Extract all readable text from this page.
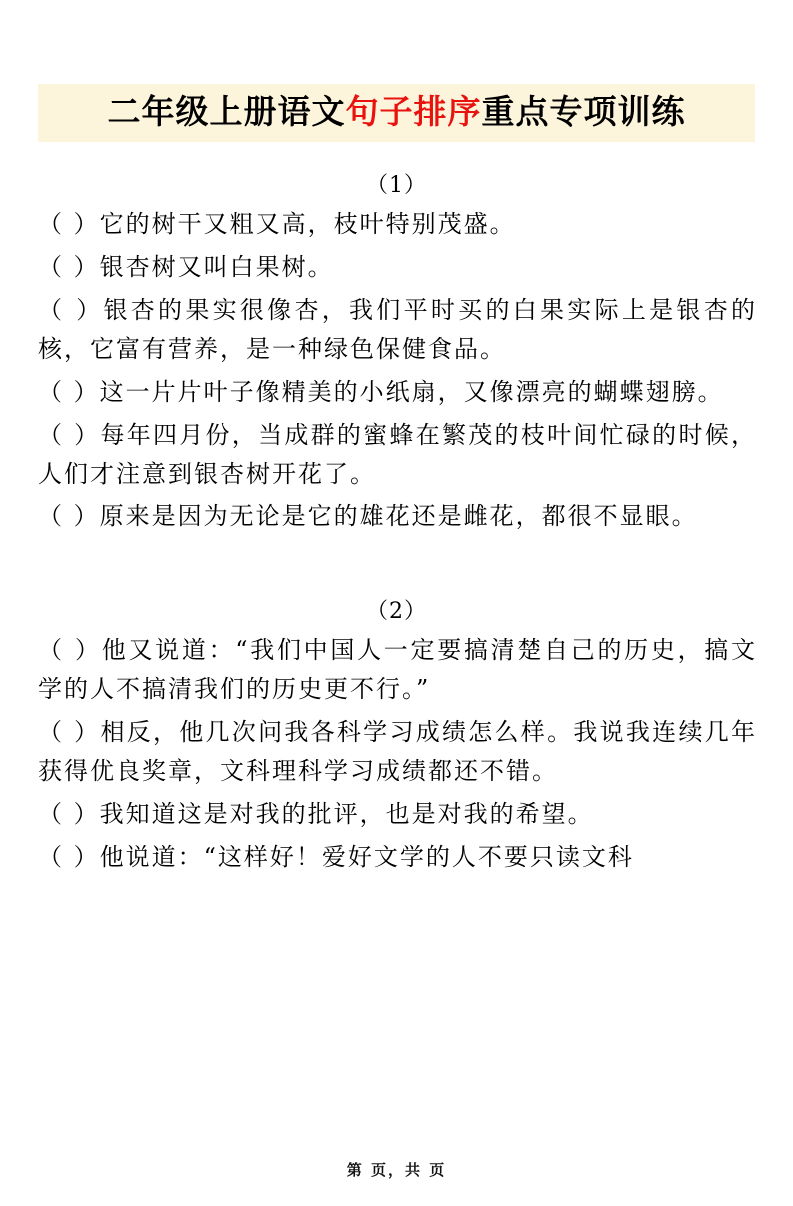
二年级上册语文句子排序重点专项训练
（1）

（ ）它的树干又粗又高，枝叶特别茂盛。

（ ）银杏树又叫白果树。

（ ）银杏的果实很像杏，我们平时买的白果实际上是银杏的核，它富有营养，是一种绿色保健食品。

（ ）这一片片叶子像精美的小纸扇，又像漂亮的蝴蝶翅膀。

（ ）每年四月份，当成群的蜜蜂在繁茂的枝叶间忙碌的时候，人们才注意到银杏树开花了。

（ ）原来是因为无论是它的雄花还是雌花，都很不显眼。

（2）

（ ）他又说道：“我们中国人一定要搞清楚自己的历史，搞文学的人不搞清我们的历史更不行。”

（ ）相反，他几次问我各科学习成绩怎么样。我说我连续几年获得优良奖章，文科理科学习成绩都还不错。

（ ）我知道这是对我的批评，也是对我的希望。

（ ）他说道：“这样好！爱好文学的人不要只读文科

第 页，共 页
